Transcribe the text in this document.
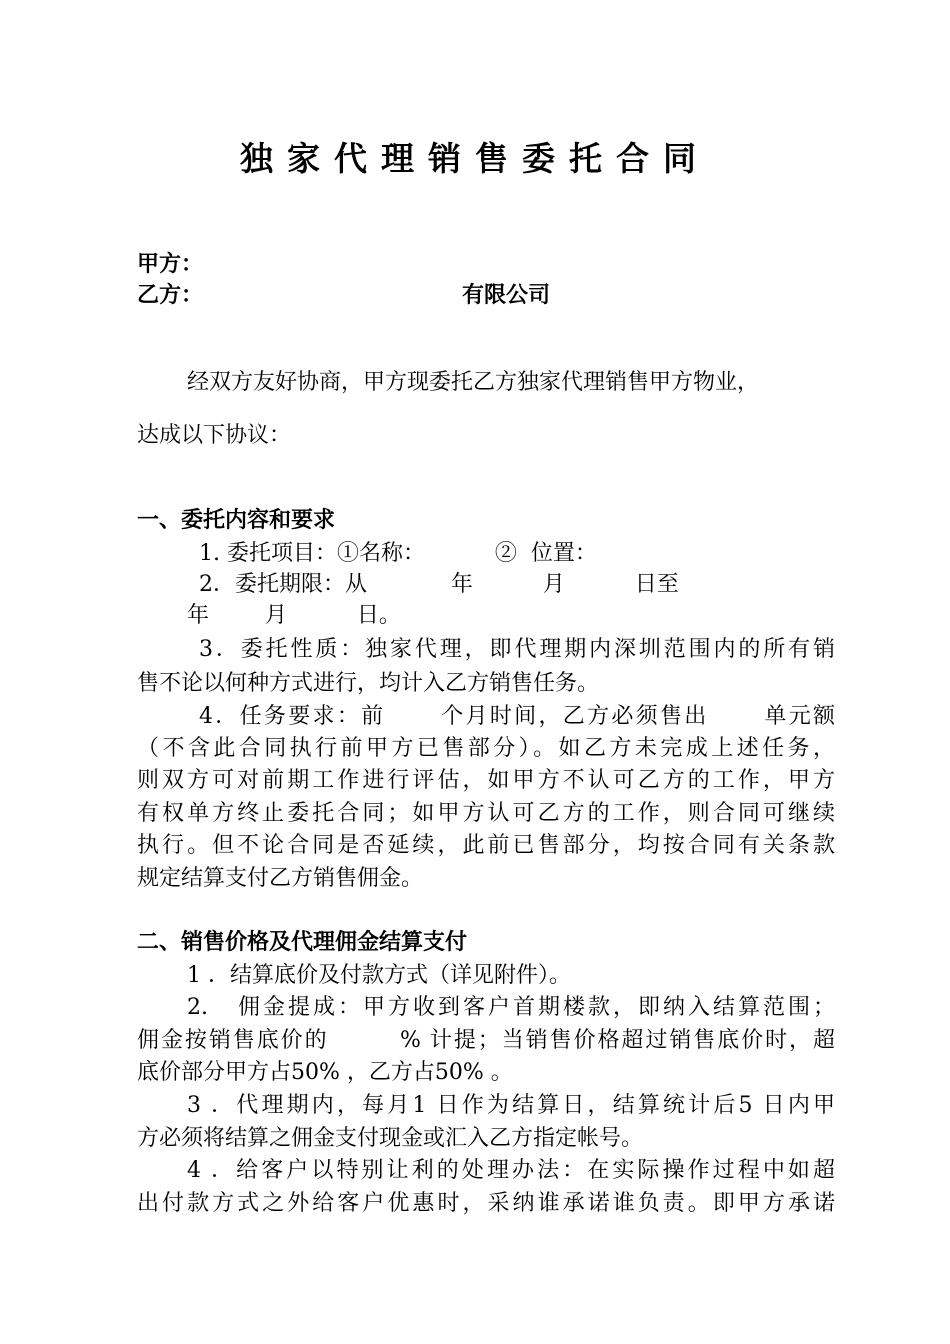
独家代理销售委托合同
甲方：
乙方：	有限公司
经双方友好协商，甲方现委托乙方独家代理销售甲方物业，
达成以下协议：
一、委托内容和要求
1. 委托项目：①名称：          ②  位置：
2．委托期限：从            年          月          日至
年        月          日。
3．委托性质：独家代理，即代理期内深圳范围内的所有销
售不论以何种方式进行，均计入乙方销售任务。
4．任务要求：前      个月时间，乙方必须售出      单元额
（不含此合同执行前甲方已售部分）。如乙方未完成上述任务，
则双方可对前期工作进行评估，如甲方不认可乙方的工作，甲方
有权单方终止委托合同；如甲方认可乙方的工作，则合同可继续
执行。但不论合同是否延续，此前已售部分，均按合同有关条款
规定结算支付乙方销售佣金。
二、销售价格及代理佣金结算支付
1 ．结算底价及付款方式（详见附件）。
2.   佣金提成：甲方收到客户首期楼款，即纳入结算范围；
佣金按销售底价的        % 计提；当销售价格超过销售底价时，超
底价部分甲方占50% ，乙方占50% 。
3 ．代理期内，每月1 日作为结算日，结算统计后5 日内甲
方必须将结算之佣金支付现金或汇入乙方指定帐号。
4 ．给客户以特别让利的处理办法：在实际操作过程中如超
出付款方式之外给客户优惠时，采纳谁承诺谁负责。即甲方承诺
